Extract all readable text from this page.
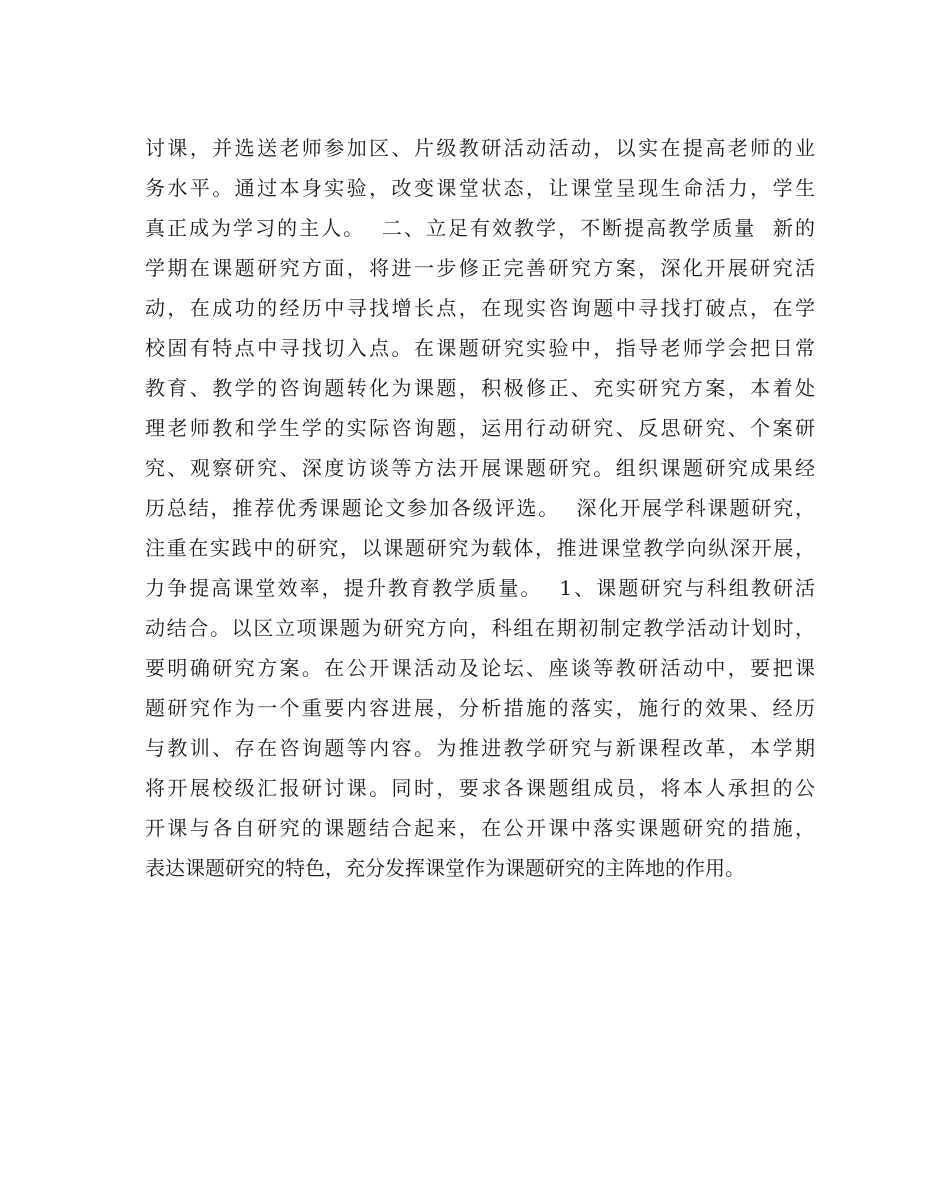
讨课，并选送老师参加区、片级教研活动活动，以实在提高老师的业
务水平。通过本身实验，改变课堂状态，让课堂呈现生命活力，学生
真正成为学习的主人。  二、立足有效教学，不断提高教学质量  新的
学期在课题研究方面，将进一步修正完善研究方案，深化开展研究活
动，在成功的经历中寻找增长点，在现实咨询题中寻找打破点，在学
校固有特点中寻找切入点。在课题研究实验中，指导老师学会把日常
教育、教学的咨询题转化为课题，积极修正、充实研究方案，本着处
理老师教和学生学的实际咨询题，运用行动研究、反思研究、个案研
究、观察研究、深度访谈等方法开展课题研究。组织课题研究成果经
历总结，推荐优秀课题论文参加各级评选。  深化开展学科课题研究，
注重在实践中的研究，以课题研究为载体，推进课堂教学向纵深开展，
力争提高课堂效率，提升教育教学质量。  1、课题研究与科组教研活
动结合。以区立项课题为研究方向，科组在期初制定教学活动计划时，
要明确研究方案。在公开课活动及论坛、座谈等教研活动中，要把课
题研究作为一个重要内容进展，分析措施的落实，施行的效果、经历
与教训、存在咨询题等内容。为推进教学研究与新课程改革，本学期
将开展校级汇报研讨课。同时，要求各课题组成员，将本人承担的公
开课与各自研究的课题结合起来，在公开课中落实课题研究的措施，
表达课题研究的特色，充分发挥课堂作为课题研究的主阵地的作用。
